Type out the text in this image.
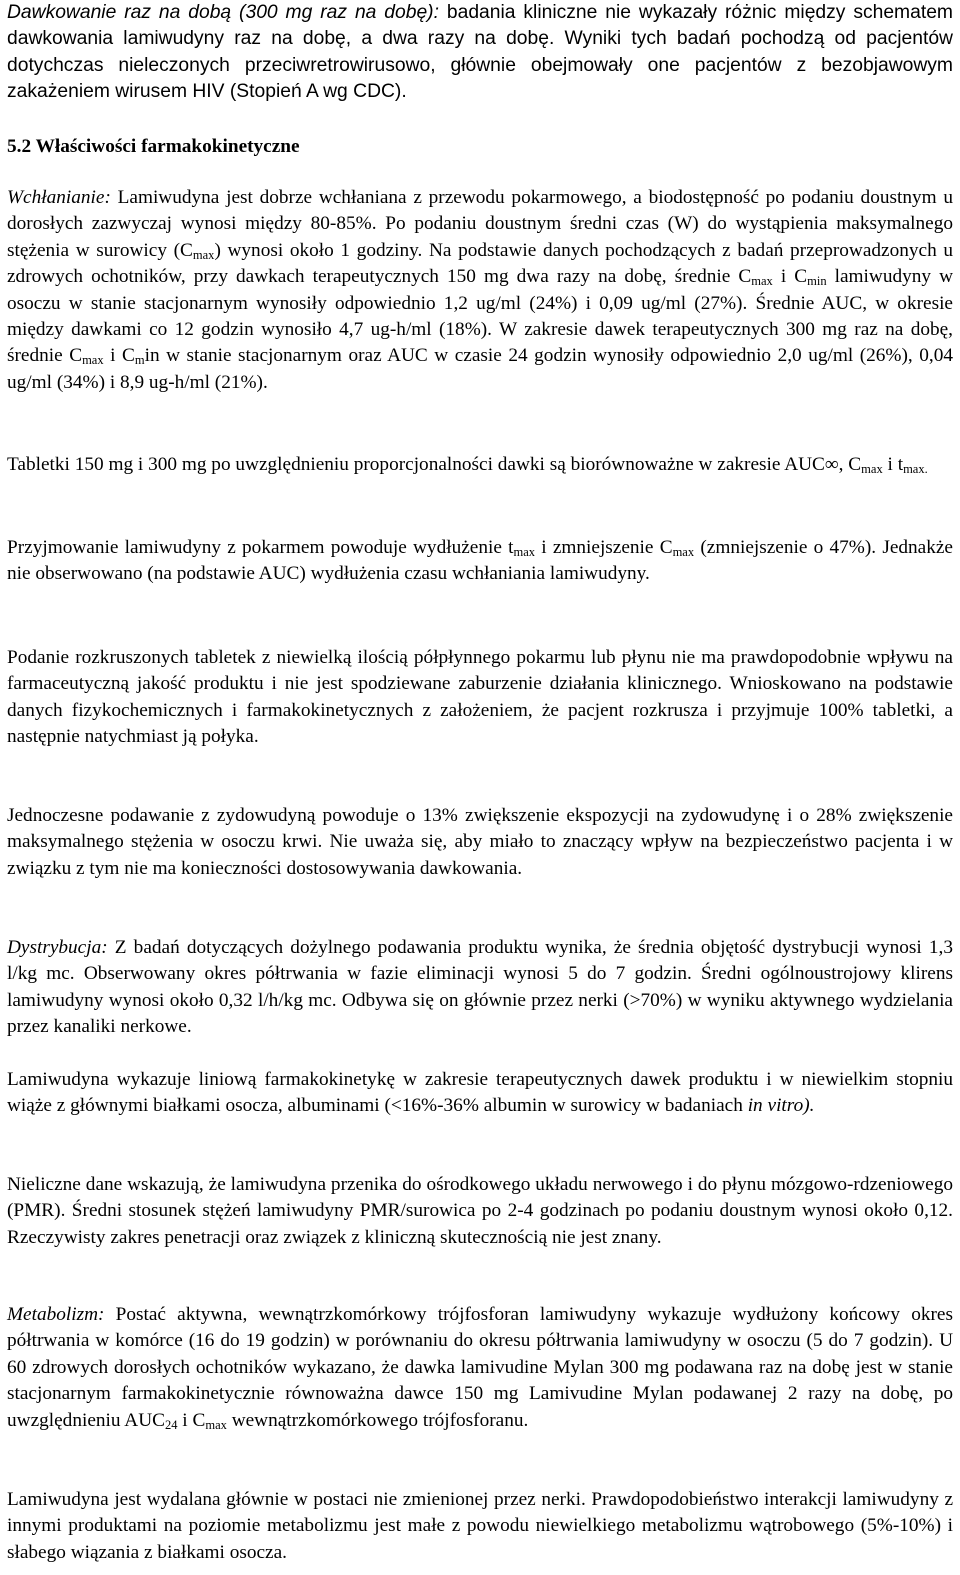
Dawkowanie raz na dobą (300 mg raz na dobę): badania kliniczne nie wykazały różnic między schematem dawkowania lamiwudyny raz na dobę, a dwa razy na dobę. Wyniki tych badań pochodzą od pacjentów dotychczas nieleczonych przeciwretrowirusowo, głównie obejmowały one pacjentów z bezobjawowym zakażeniem wirusem HIV (Stopień A wg CDC).

5.2 Właściwości farmakokinetyczne

Wchłanianie: Lamiwudyna jest dobrze wchłaniana z przewodu pokarmowego, a biodostępność po podaniu doustnym u dorosłych zazwyczaj wynosi między 80-85%. Po podaniu doustnym średni czas (W) do wystąpienia maksymalnego stężenia w surowicy $(C_{max})$ wynosi około 1 godziny. Na podstawie danych pochodzących z badań przeprowadzonych u zdrowych ochotników, przy dawkach terapeutycznych 150 mg dwa razy na dobę, średnie $C_{max}$ i $C_{min}$ lamiwudyny w osoczu w stanie stacjonarnym wynosiły odpowiednio 1,2 ug/ml (24%) i 0,09 ug/ml (27%). Średnie AUC, w okresie między dawkami co 12 godzin wynosiło 4,7 ug-h/ml (18%). W zakresie dawek terapeutycznych 300 mg raz na dobę, średnie $C_{max}$ i $C_min$ w stanie stacjonarnym oraz AUC w czasie 24 godzin wynosiły odpowiednio 2,0 ug/ml (26%), 0,04 ug/ml (34%) i 8,9 ug-h/ml (21%).

Tabletki 150 mg i 300 mg po uwzględnieniu proporcjonalności dawki są biorównoważne w zakresie AUC∞, $C_{max}$ i $t_{max.}$

Przyjmowanie lamiwudyny z pokarmem powoduje wydłużenie $t_{max}$ i zmniejszenie $C_{max}$ (zmniejszenie o 47%). Jednakże nie obserwowano (na podstawie AUC) wydłużenia czasu wchłaniania lamiwudyny.

Podanie rozkruszonych tabletek z niewielką ilością półpłynnego pokarmu lub płynu nie ma prawdopodobnie wpływu na farmaceutyczną jakość produktu i nie jest spodziewane zaburzenie działania klinicznego. Wnioskowano na podstawie danych fizykochemicznych i farmakokinetycznych z założeniem, że pacjent rozkrusza i przyjmuje 100% tabletki, a następnie natychmiast ją połyka.

Jednoczesne podawanie z zydowudyną powoduje o 13% zwiększenie ekspozycji na zydowudynę i o 28% zwiększenie maksymalnego stężenia w osoczu krwi. Nie uważa się, aby miało to znaczący wpływ na bezpieczeństwo pacjenta i w związku z tym nie ma konieczności dostosowywania dawkowania.

Dystrybucja: Z badań dotyczących dożylnego podawania produktu wynika, że średnia objętość dystrybucji wynosi 1,3 l/kg mc. Obserwowany okres półtrwania w fazie eliminacji wynosi 5 do 7 godzin. Średni ogólnoustrojowy klirens lamiwudyny wynosi około 0,32 l/h/kg mc. Odbywa się on głównie przez nerki (>70%) w wyniku aktywnego wydzielania przez kanaliki nerkowe.

Lamiwudyna wykazuje liniową farmakokinetykę w zakresie terapeutycznych dawek produktu i w niewielkim stopniu wiąże z głównymi białkami osocza, albuminami (<16%-36% albumin w surowicy w badaniach in vitro).

Nieliczne dane wskazują, że lamiwudyna przenika do ośrodkowego układu nerwowego i do płynu mózgowo-rdzeniowego (PMR). Średni stosunek stężeń lamiwudyny PMR/surowica po 2-4 godzinach po podaniu doustnym wynosi około 0,12. Rzeczywisty zakres penetracji oraz związek z kliniczną skutecznością nie jest znany.

Metabolizm: Postać aktywna, wewnątrzkomórkowy trójfosforan lamiwudyny wykazuje wydłużony końcowy okres półtrwania w komórce (16 do 19 godzin) w porównaniu do okresu półtrwania lamiwudyny w osoczu (5 do 7 godzin). U 60 zdrowych dorosłych ochotników wykazano, że dawka lamivudine Mylan 300 mg podawana raz na dobę jest w stanie stacjonarnym farmakokinetycznie równoważna dawce 150 mg Lamivudine Mylan podawanej 2 razy na dobę, po uwzględnieniu $AUC_{24}$ i $C_{max}$ wewnątrzkomórkowego trójfosforanu.

Lamiwudyna jest wydalana głównie w postaci nie zmienionej przez nerki. Prawdopodobieństwo interakcji lamiwudyny z innymi produktami na poziomie metabolizmu jest małe z powodu niewielkiego metabolizmu wątrobowego (5%-10%) i słabego wiązania z białkami osocza.
